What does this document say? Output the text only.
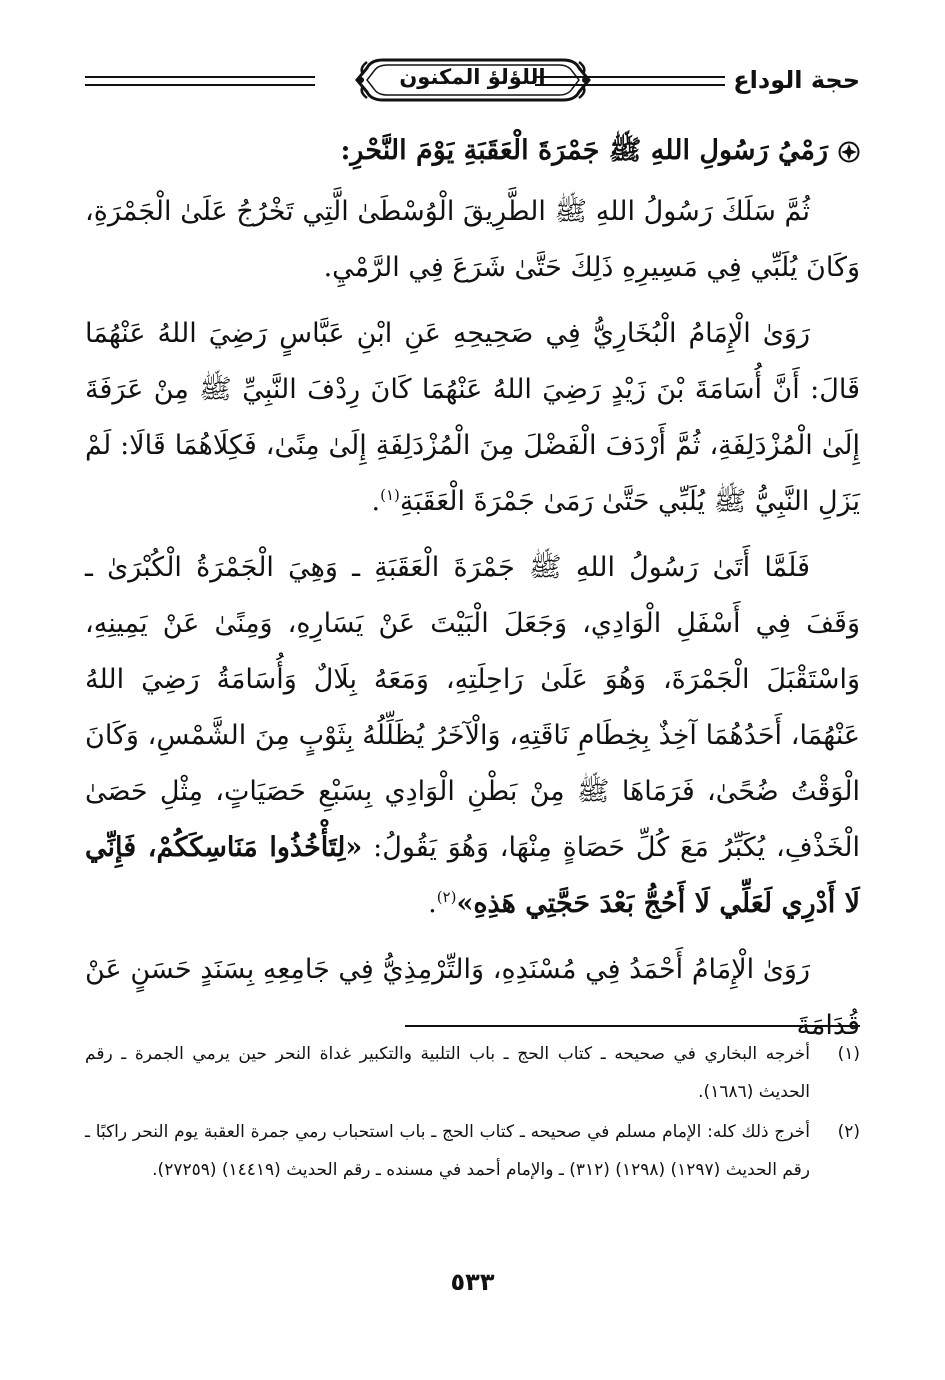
حجة الوداع
اللؤلؤ المكنون
رَمْيُ رَسُولِ اللهِ ﷺ جَمْرَةَ الْعَقَبَةِ يَوْمَ النَّحْرِ:

ثُمَّ سَلَكَ رَسُولُ اللهِ ﷺ الطَّرِيقَ الْوُسْطَىٰ الَّتِي تَخْرُجُ عَلَىٰ الْجَمْرَةِ، وَكَانَ يُلَبِّي فِي مَسِيرِهِ ذَلِكَ حَتَّىٰ شَرَعَ فِي الرَّمْيِ.

رَوَىٰ الْإِمَامُ الْبُخَارِيُّ فِي صَحِيحِهِ عَنِ ابْنِ عَبَّاسٍ رَضِيَ اللهُ عَنْهُمَا قَالَ: أَنَّ أُسَامَةَ بْنَ زَيْدٍ رَضِيَ اللهُ عَنْهُمَا كَانَ رِدْفَ النَّبِيِّ ﷺ مِنْ عَرَفَةَ إِلَىٰ الْمُزْدَلِفَةِ، ثُمَّ أَرْدَفَ الْفَضْلَ مِنَ الْمُزْدَلِفَةِ إِلَىٰ مِنًىٰ، فَكِلَاهُمَا قَالَا: لَمْ يَزَلِ النَّبِيُّ ﷺ يُلَبِّي حَتَّىٰ رَمَىٰ جَمْرَةَ الْعَقَبَةِ$^{(١)}$.

فَلَمَّا أَتَىٰ رَسُولُ اللهِ ﷺ جَمْرَةَ الْعَقَبَةِ ـ وَهِيَ الْجَمْرَةُ الْكُبْرَىٰ ـ وَقَفَ فِي أَسْفَلِ الْوَادِي، وَجَعَلَ الْبَيْتَ عَنْ يَسَارِهِ، وَمِنًىٰ عَنْ يَمِينِهِ، وَاسْتَقْبَلَ الْجَمْرَةَ، وَهُوَ عَلَىٰ رَاحِلَتِهِ، وَمَعَهُ بِلَالٌ وَأُسَامَةُ رَضِيَ اللهُ عَنْهُمَا، أَحَدُهُمَا آخِذٌ بِخِطَامِ نَاقَتِهِ، وَالْآخَرُ يُظَلِّلُهُ بِثَوْبٍ مِنَ الشَّمْسِ، وَكَانَ الْوَقْتُ ضُحًىٰ، فَرَمَاهَا ﷺ مِنْ بَطْنِ الْوَادِي بِسَبْعِ حَصَيَاتٍ، مِثْلِ حَصَىٰ الْخَذْفِ، يُكَبِّرُ مَعَ كُلِّ حَصَاةٍ مِنْهَا، وَهُوَ يَقُولُ: «لِتَأْخُذُوا مَنَاسِكَكُمْ، فَإِنِّي لَا أَدْرِي لَعَلِّي لَا أَحُجُّ بَعْدَ حَجَّتِي هَذِهِ»$^{(٢)}$.

رَوَىٰ الْإِمَامُ أَحْمَدُ فِي مُسْنَدِهِ، وَالتِّرْمِذِيُّ فِي جَامِعِهِ بِسَنَدٍ حَسَنٍ عَنْ قُدَامَةَ

(١)
أخرجه البخاري في صحيحه ـ كتاب الحج ـ باب التلبية والتكبير غداة النحر حين يرمي الجمرة ـ رقم الحديث (١٦٨٦).
(٢)
أخرج ذلك كله: الإمام مسلم في صحيحه ـ كتاب الحج ـ باب استحباب رمي جمرة العقبة يوم النحر راكبًا ـ رقم الحديث (١٢٩٧) (١٢٩٨) (٣١٢) ـ والإمام أحمد في مسنده ـ رقم الحديث (١٤٤١٩) (٢٧٢٥٩).
٥٣٣
